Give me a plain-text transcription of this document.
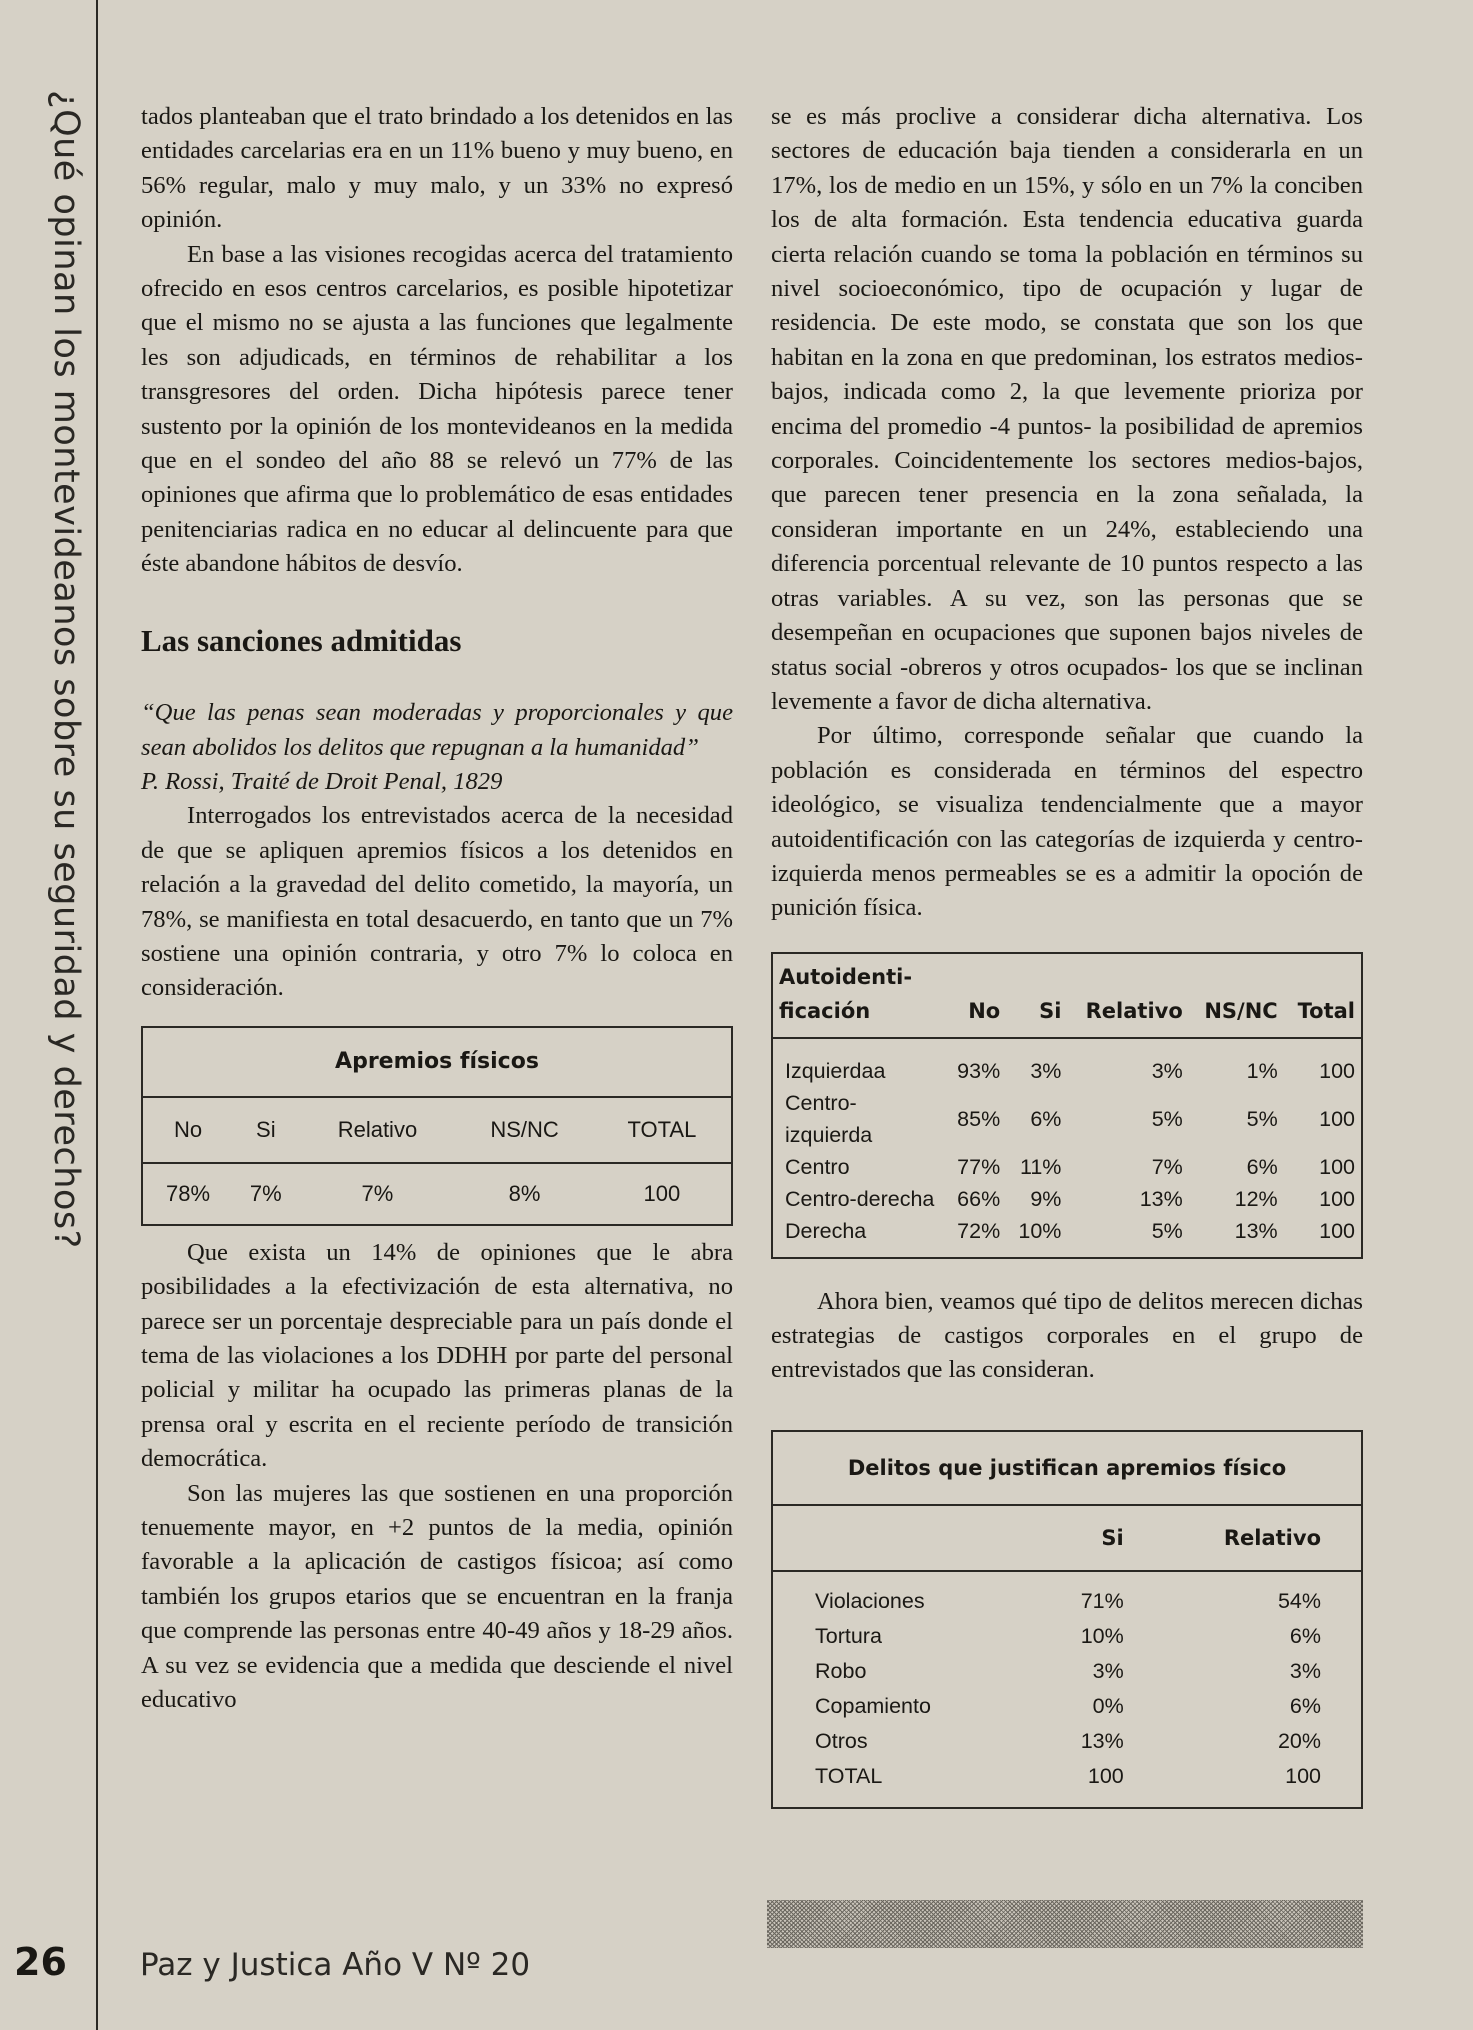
¿Qué opinan los montevideanos sobre su seguridad y derechos?
26 Paz y Justica Año V Nº 20

tados planteaban que el trato brindado a los detenidos en las entidades carcelarias era en un 11% bueno y muy bueno, en 56% regular, malo y muy malo, y un 33% no expresó opinión.

En base a las visiones recogidas acerca del tratamiento ofrecido en esos centros carcelarios, es posible hipotetizar que el mismo no se ajusta a las funciones que legalmente les son adjudicads, en términos de rehabilitar a los transgresores del orden. Dicha hipótesis parece tener sustento por la opinión de los montevideanos en la medida que en el sondeo del año 88 se relevó un 77% de las opiniones que afirma que lo problemático de esas entidades penitenciarias radica en no educar al delincuente para que éste abandone hábitos de desvío.

Las sanciones admitidas

“Que las penas sean moderadas y proporcionales y que sean abolidos los delitos que repugnan a la humanidad”

P. Rossi, Traité de Droit Penal, 1829

Interrogados los entrevistados acerca de la necesidad de que se apliquen apremios físicos a los detenidos en relación a la gravedad del delito cometido, la mayoría, un 78%, se manifiesta en total desacuerdo, en tanto que un 7% sostiene una opinión contraria, y otro 7% lo coloca en consideración.

Apremios físicos				
No	Si	Relativo	NS/NC	TOTAL
78%	7%	7%	8%	100

Que exista un 14% de opiniones que le abra posibilidades a la efectivización de esta alternativa, no parece ser un porcentaje despreciable para un país donde el tema de las violaciones a los DDHH por parte del personal policial y militar ha ocupado las primeras planas de la prensa oral y escrita en el reciente período de transición democrática.

Son las mujeres las que sostienen en una proporción tenuemente mayor, en +2 puntos de la media, opinión favorable a la aplicación de castigos físicoa; así como también los grupos etarios que se encuentran en la franja que comprende las personas entre 40-49 años y 18-29 años. A su vez se evidencia que a medida que desciende el nivel educativo

se es más proclive a considerar dicha alternativa. Los sectores de educación baja tienden a considerarla en un 17%, los de medio en un 15%, y sólo en un 7% la conciben los de alta formación. Esta tendencia educativa guarda cierta relación cuando se toma la población en términos su nivel socioeconómico, tipo de ocupación y lugar de residencia. De este modo, se constata que son los que habitan en la zona en que predominan, los estratos medios-bajos, indicada como 2, la que levemente prioriza por encima del promedio -4 puntos- la posibilidad de apremios corporales. Coincidentemente los sectores medios-bajos, que parecen tener presencia en la zona señalada, la consideran importante en un 24%, estableciendo una diferencia porcentual relevante de 10 puntos respecto a las otras variables. A su vez, son las personas que se desempeñan en ocupaciones que suponen bajos niveles de status social -obreros y otros ocupados- los que se inclinan levemente a favor de dicha alternativa.

Por último, corresponde señalar que cuando la población es considerada en términos del espectro ideológico, se visualiza tendencialmente que a mayor autoidentificación con las categorías de izquierda y centro-izquierda menos permeables se es a admitir la opoción de punición física.

Autoidenti-ficación	No	Si	Relativo	NS/NC	Total

Izquierdaa	93%	3%	3%	1%	100
Centro-izquierda	85%	6%	5%	5%	100
Centro	77%	11%	7%	6%	100
Centro-derecha	66%	9%	13%	12%	100
Derecha	72%	10%	5%	13%	100

Ahora bien, veamos qué tipo de delitos merecen dichas estrategias de castigos corporales en el grupo de entrevistados que las consideran.

Delitos que justifican apremios físico		
	Si	Relativo

Violaciones	71%	54%
Tortura	10%	6%
Robo	3%	3%
Copamiento	0%	6%
Otros	13%	20%
TOTAL	100	100
